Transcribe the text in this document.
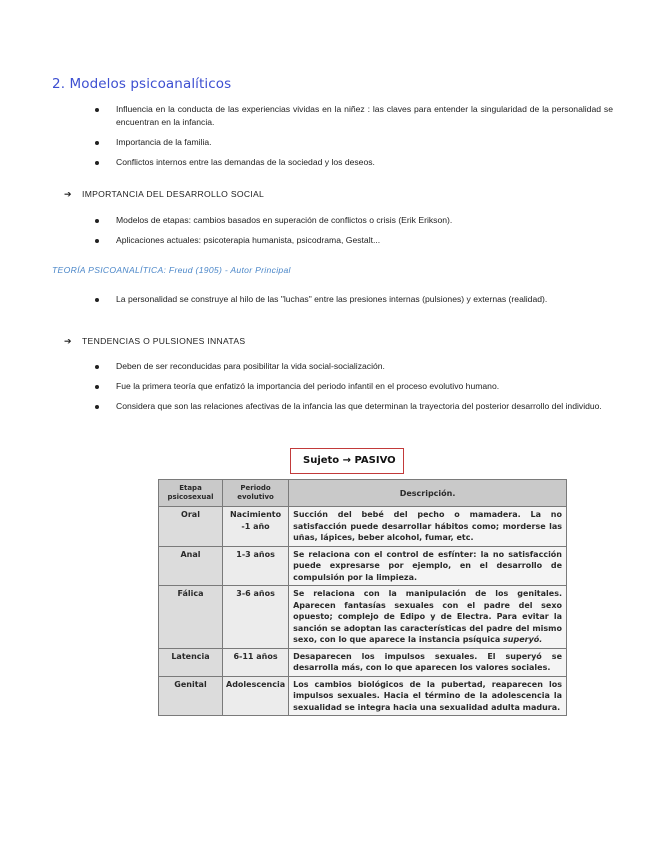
2. Modelos psicoanalíticos
Influencia en la conducta de las experiencias vividas en la niñez : las claves para entender la singularidad de la personalidad se encuentran en la infancia.
Importancia de la familia.
Conflictos internos entre las demandas de la sociedad y los deseos.
➔ IMPORTANCIA DEL DESARROLLO SOCIAL
Modelos de etapas: cambios basados en superación de conflictos o crisis (Erik Erikson).
Aplicaciones actuales: psicoterapia humanista, psicodrama, Gestalt...
TEORÍA PSICOANALÍTICA: Freud (1905) - Autor Principal
La personalidad se construye al hilo de las "luchas" entre las presiones internas (pulsiones) y externas (realidad).
➔ TENDENCIAS O PULSIONES INNATAS
Deben de ser reconducidas para posibilitar la vida social-socialización.
Fue la primera teoría que enfatizó la importancia del periodo infantil en el proceso evolutivo humano.
Considera que son las relaciones afectivas de la infancia las que determinan la trayectoria del posterior desarrollo del individuo.
Sujeto → PASIVO
Etapa psicosexual	Periodo evolutivo	Descripción.
Oral	Nacimiento -1 año	Succión del bebé del pecho o mamadera. La no satisfacción puede desarrollar hábitos como; morderse las uñas, lápices, beber alcohol, fumar, etc.
Anal	1-3 años	Se relaciona con el control de esfínter: la no satisfacción puede expresarse por ejemplo, en el desarrollo de compulsión por la limpieza.
Fálica	3-6 años	Se relaciona con la manipulación de los genitales. Aparecen fantasías sexuales con el padre del sexo opuesto; complejo de Edipo y de Electra. Para evitar la sanción se adoptan las características del padre del mismo sexo, con lo que aparece la instancia psíquica superyó.
Latencia	6-11 años	Desaparecen los impulsos sexuales. El superyó se desarrolla más, con lo que aparecen los valores sociales.
Genital	Adolescencia	Los cambios biológicos de la pubertad, reaparecen los impulsos sexuales. Hacia el término de la adolescencia la sexualidad se integra hacia una sexualidad adulta madura.
